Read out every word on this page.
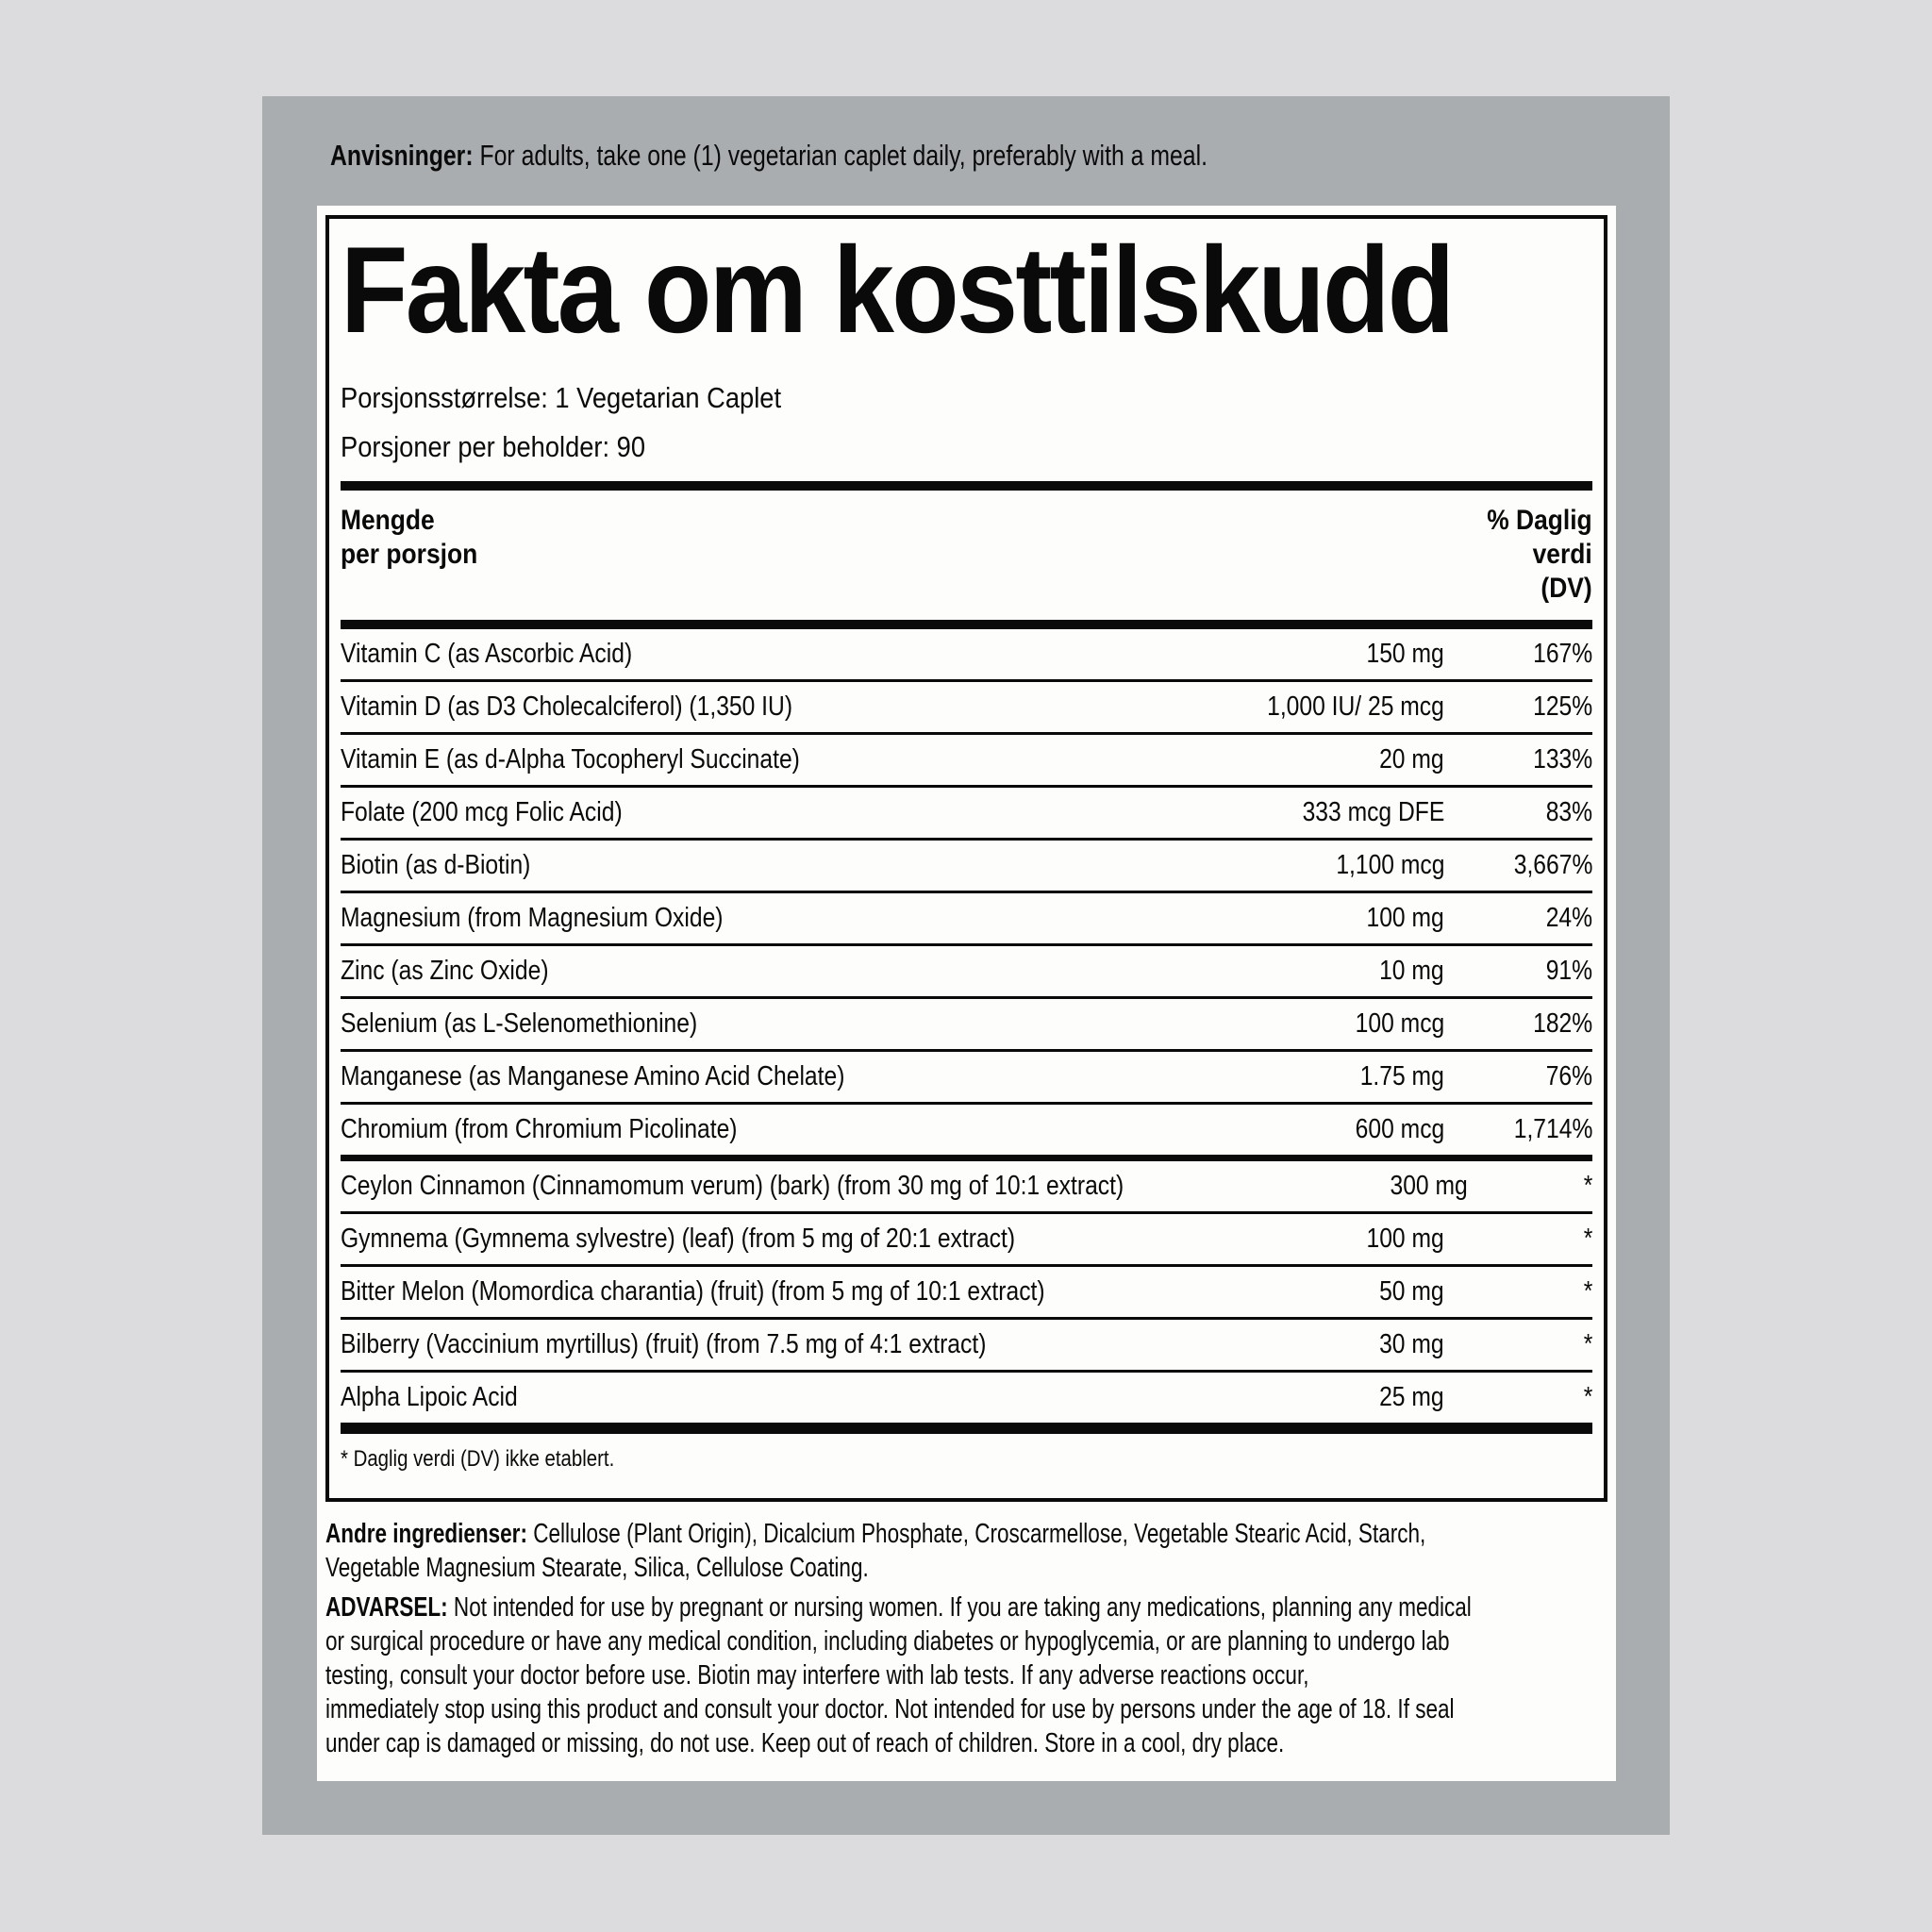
Anvisninger: For adults, take one (1) vegetarian caplet daily, preferably with a meal.
Fakta om kosttilskudd
Porsjonsstørrelse: 1 Vegetarian Caplet
Porsjoner per beholder: 90
Mengde
per porsjon
% Daglig
verdi
(DV)
Vitamin C (as Ascorbic Acid)	150 mg	167%
Vitamin D (as D3 Cholecalciferol) (1,350 IU)	1,000 IU/ 25 mcg	125%
Vitamin E (as d-Alpha Tocopheryl Succinate)	20 mg	133%
Folate (200 mcg Folic Acid)	333 mcg DFE	83%
Biotin (as d-Biotin)	1,100 mcg	3,667%
Magnesium (from Magnesium Oxide)	100 mg	24%
Zinc (as Zinc Oxide)	10 mg	91%
Selenium (as L-Selenomethionine)	100 mcg	182%
Manganese (as Manganese Amino Acid Chelate)	1.75 mg	76%
Chromium (from Chromium Picolinate)	600 mcg	1,714%
Ceylon Cinnamon (Cinnamomum verum) (bark) (from 30 mg of 10:1 extract)	300 mg	*
Gymnema (Gymnema sylvestre) (leaf) (from 5 mg of 20:1 extract)	100 mg	*
Bitter Melon (Momordica charantia) (fruit) (from 5 mg of 10:1 extract)	50 mg	*
Bilberry (Vaccinium myrtillus) (fruit) (from 7.5 mg of 4:1 extract)	30 mg	*
Alpha Lipoic Acid	25 mg	*
* Daglig verdi (DV) ikke etablert.
Andre ingredienser: Cellulose (Plant Origin), Dicalcium Phosphate, Croscarmellose, Vegetable Stearic Acid, Starch,
Vegetable Magnesium Stearate, Silica, Cellulose Coating.
ADVARSEL: Not intended for use by pregnant or nursing women. If you are taking any medications, planning any medical
or surgical procedure or have any medical condition, including diabetes or hypoglycemia, or are planning to undergo lab
testing, consult your doctor before use. Biotin may interfere with lab tests. If any adverse reactions occur,
immediately stop using this product and consult your doctor. Not intended for use by persons under the age of 18. If seal
under cap is damaged or missing, do not use. Keep out of reach of children. Store in a cool, dry place.
